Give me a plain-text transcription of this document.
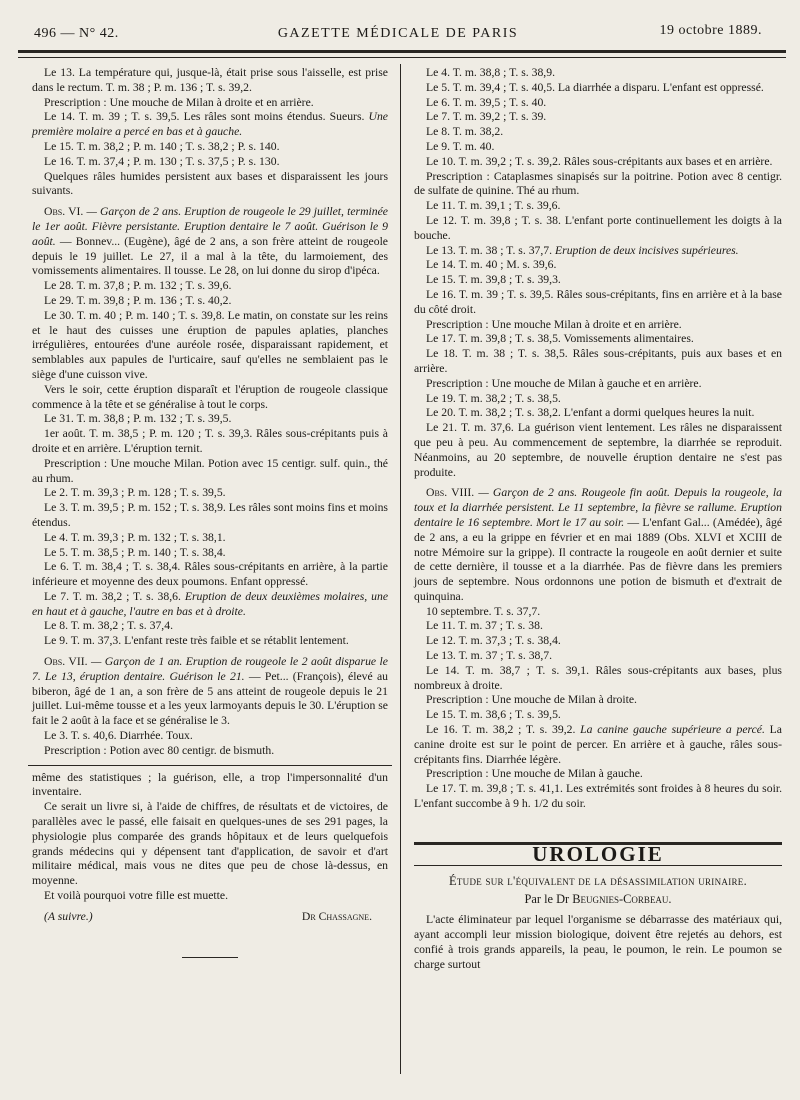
496 — N° 42.	GAZETTE MÉDICALE DE PARIS	19 octobre 1889.

Le 13. La température qui, jusque-là, était prise sous l'aisselle, est prise dans le rectum. T. m. 38 ; P. m. 136 ; T. s. 39,2.

Prescription : Une mouche de Milan à droite et en arrière.

Le 14. T. m. 39 ; T. s. 39,5. Les râles sont moins étendus. Sueurs. Une première molaire a percé en bas et à gauche.

Le 15. T. m. 38,2 ; P. m. 140 ; T. s. 38,2 ; P. s. 140.

Le 16. T. m. 37,4 ; P. m. 130 ; T. s. 37,5 ; P. s. 130.

Quelques râles humides persistent aux bases et disparaissent les jours suivants.

Obs. VI. — Garçon de 2 ans. Eruption de rougeole le 29 juillet, terminée le 1er août. Fièvre persistante. Eruption dentaire le 7 août. Guérison le 9 août. — Bonnev... (Eugène), âgé de 2 ans, a son frère atteint de rougeole depuis le 19 juillet. Le 27, il a mal à la tête, du larmoiement, des vomissements alimentaires. Il tousse. Le 28, on lui donne du sirop d'ipéca.

Le 28. T. m. 37,8 ; P. m. 132 ; T. s. 39,6.

Le 29. T. m. 39,8 ; P. m. 136 ; T. s. 40,2.

Le 30. T. m. 40 ; P. m. 140 ; T. s. 39,8. Le matin, on constate sur les reins et le haut des cuisses une éruption de papules aplaties, planches irrégulières, entourées d'une auréole rosée, disparaissant rapidement, et semblables aux papules de l'urticaire, sauf qu'elles ne semblaient pas le siège d'une cuisson vive.

Vers le soir, cette éruption disparaît et l'éruption de rougeole classique commence à la tête et se généralise à tout le corps.

Le 31. T. m. 38,8 ; P. m. 132 ; T. s. 39,5.

1er août. T. m. 38,5 ; P. m. 120 ; T. s. 39,3. Râles sous-crépitants puis à droite et en arrière. L'éruption ternit.

Prescription : Une mouche Milan. Potion avec 15 centigr. sulf. quin., thé au rhum.

Le 2. T. m. 39,3 ; P. m. 128 ; T. s. 39,5.

Le 3. T. m. 39,5 ; P. m. 152 ; T. s. 38,9. Les râles sont moins fins et moins étendus.

Le 4. T. m. 39,3 ; P. m. 132 ; T. s. 38,1.

Le 5. T. m. 38,5 ; P. m. 140 ; T. s. 38,4.

Le 6. T. m. 38,4 ; T. s. 38,4. Râles sous-crépitants en arrière, à la partie inférieure et moyenne des deux poumons. Enfant oppressé.

Le 7. T. m. 38,2 ; T. s. 38,6. Eruption de deux deuxièmes molaires, une en haut et à gauche, l'autre en bas et à droite.

Le 8. T. m. 38,2 ; T. s. 37,4.

Le 9. T. m. 37,3. L'enfant reste très faible et se rétablit lentement.

Obs. VII. — Garçon de 1 an. Eruption de rougeole le 2 août disparue le 7. Le 13, éruption dentaire. Guérison le 21. — Pet... (François), élevé au biberon, âgé de 1 an, a son frère de 5 ans atteint de rougeole depuis le 21 juillet. Lui-même tousse et a les yeux larmoyants depuis le 30. L'éruption se fait le 2 août à la face et se généralise le 3.

Le 3. T. s. 40,6. Diarrhée. Toux.

Prescription : Potion avec 80 centigr. de bismuth.

même des statistiques ; la guérison, elle, a trop l'impersonnalité d'un inventaire.

Ce serait un livre si, à l'aide de chiffres, de résultats et de victoires, de parallèles avec le passé, elle faisait en quelques-unes de ses 291 pages, la physiologie plus comparée des grands hôpitaux et de leurs quelquefois grands médecins qui y dépensent tant d'application, de savoir et d'art militaire médical, mais vous ne dites que peu de chose là-dessus, en moyenne.

Et voilà pourquoi votre fille est muette.

(A suivre.)	Dr Chassagne.

Le 4. T. m. 38,8 ; T. s. 38,9.

Le 5. T. m. 39,4 ; T. s. 40,5. La diarrhée a disparu. L'enfant est oppressé.

Le 6. T. m. 39,5 ; T. s. 40.

Le 7. T. m. 39,2 ; T. s. 39.

Le 8. T. m. 38,2.

Le 9. T. m. 40.

Le 10. T. m. 39,2 ; T. s. 39,2. Râles sous-crépitants aux bases et en arrière.

Prescription : Cataplasmes sinapisés sur la poitrine. Potion avec 8 centigr. de sulfate de quinine. Thé au rhum.

Le 11. T. m. 39,1 ; T. s. 39,6.

Le 12. T. m. 39,8 ; T. s. 38. L'enfant porte continuellement les doigts à la bouche.

Le 13. T. m. 38 ; T. s. 37,7. Eruption de deux incisives supérieures.

Le 14. T. m. 40 ; M. s. 39,6.

Le 15. T. m. 39,8 ; T. s. 39,3.

Le 16. T. m. 39 ; T. s. 39,5. Râles sous-crépitants, fins en arrière et à la base du côté droit.

Prescription : Une mouche Milan à droite et en arrière.

Le 17. T. m. 39,8 ; T. s. 38,5. Vomissements alimentaires.

Le 18. T. m. 38 ; T. s. 38,5. Râles sous-crépitants, puis aux bases et en arrière.

Prescription : Une mouche de Milan à gauche et en arrière.

Le 19. T. m. 38,2 ; T. s. 38,5.

Le 20. T. m. 38,2 ; T. s. 38,2. L'enfant a dormi quelques heures la nuit.

Le 21. T. m. 37,6. La guérison vient lentement. Les râles ne disparaissent que peu à peu. Au commencement de septembre, la diarrhée se reproduit. Néanmoins, au 20 septembre, de nouvelle éruption dentaire ne s'est pas produite.

Obs. VIII. — Garçon de 2 ans. Rougeole fin août. Depuis la rougeole, la toux et la diarrhée persistent. Le 11 septembre, la fièvre se rallume. Eruption dentaire le 16 septembre. Mort le 17 au soir. — L'enfant Gal... (Amédée), âgé de 2 ans, a eu la grippe en février et en mai 1889 (Obs. XLVI et XCIII de notre Mémoire sur la grippe). Il contracte la rougeole en août dernier et suite de cette dernière, il tousse et a la diarrhée. Pas de fièvre dans les premiers jours de septembre. Nous ordonnons une potion de bismuth et d'extrait de quinquina.

10 septembre. T. s. 37,7.

Le 11. T. m. 37 ; T. s. 38.

Le 12. T. m. 37,3 ; T. s. 38,4.

Le 13. T. m. 37 ; T. s. 38,7.

Le 14. T. m. 38,7 ; T. s. 39,1. Râles sous-crépitants aux bases, plus nombreux à droite.

Prescription : Une mouche de Milan à droite.

Le 15. T. m. 38,6 ; T. s. 39,5.

Le 16. T. m. 38,2 ; T. s. 39,2. La canine gauche supérieure a percé. La canine droite est sur le point de percer. En arrière et à gauche, râles sous-crépitants fins. Diarrhée légère.

Prescription : Une mouche de Milan à gauche.

Le 17. T. m. 39,8 ; T. s. 41,1. Les extrémités sont froides à 8 heures du soir. L'enfant succombe à 9 h. 1/2 du soir.

UROLOGIE
Étude sur l'équivalent de la désassimilation urinaire.
Par le Dr Beugnies-Corbeau.

L'acte éliminateur par lequel l'organisme se débarrasse des matériaux qui, ayant accompli leur mission biologique, doivent être rejetés au dehors, est confié à trois grands appareils, la peau, le poumon, le rein. Le poumon se charge surtout
